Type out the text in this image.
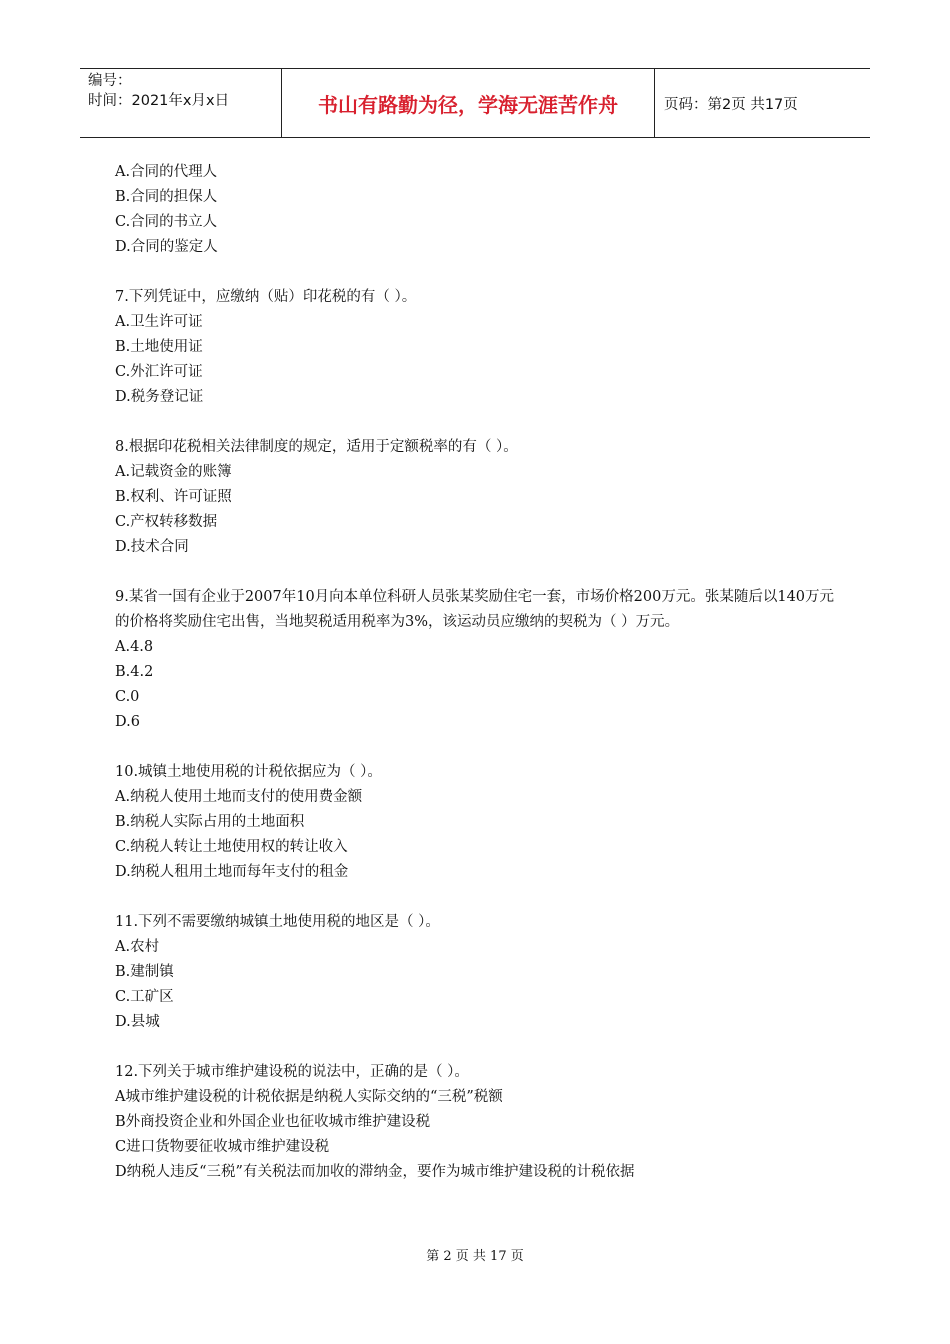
编号：
时间：2021年x月x日	书山有路勤为径，学海无涯苦作舟	页码：第2页 共17页

A.合同的代理人

B.合同的担保人

C.合同的书立人

D.合同的鉴定人

7.下列凭证中，应缴纳（贴）印花税的有（ ）。

A.卫生许可证

B.土地使用证

C.外汇许可证

D.税务登记证

8.根据印花税相关法律制度的规定，适用于定额税率的有（ ）。

A.记载资金的账簿

B.权利、许可证照

C.产权转移数据

D.技术合同

9.某省一国有企业于2007年10月向本单位科研人员张某奖励住宅一套，市场价格200万元。张某随后以140万元的价格将奖励住宅出售，当地契税适用税率为3%，该运动员应缴纳的契税为（ ）万元。

A.4.8

B.4.2

C.0

D.6

10.城镇土地使用税的计税依据应为（ ）。

A.纳税人使用土地而支付的使用费金额

B.纳税人实际占用的土地面积

C.纳税人转让土地使用权的转让收入

D.纳税人租用土地而每年支付的租金

11.下列不需要缴纳城镇土地使用税的地区是（ ）。

A.农村

B.建制镇

C.工矿区

D.县城

12.下列关于城市维护建设税的说法中，正确的是（ ）。

A城市维护建设税的计税依据是纳税人实际交纳的“三税”税额

B外商投资企业和外国企业也征收城市维护建设税

C进口货物要征收城市维护建设税

D纳税人违反“三税”有关税法而加收的滞纳金，要作为城市维护建设税的计税依据

第 2 页 共 17 页
